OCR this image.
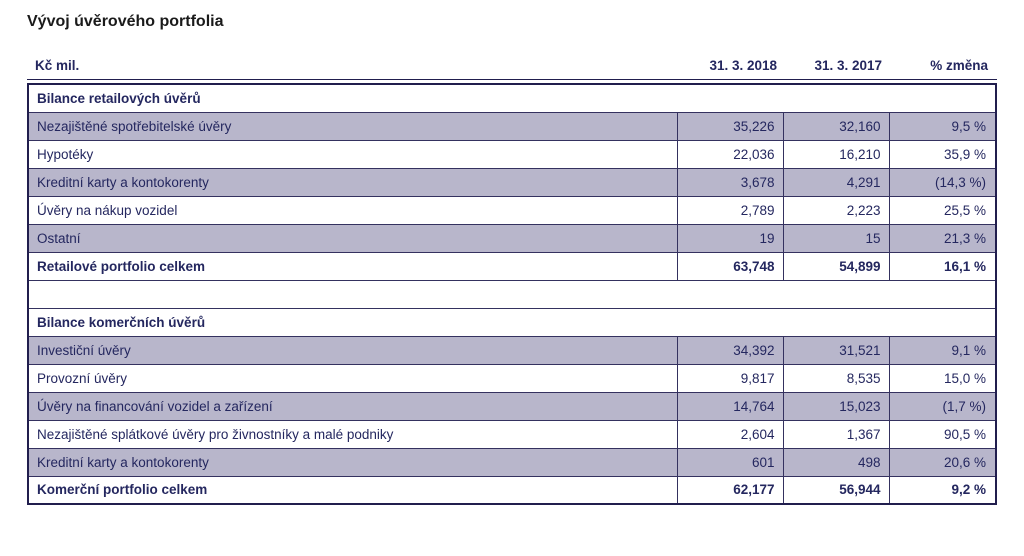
Vývoj úvěrového portfolia
Kč mil.	31. 3. 2018	31. 3. 2017	% změna
Bilance retailových úvěrů			
Nezajištěné spotřebitelské úvěry	35,226	32,160	9,5 %
Hypotéky	22,036	16,210	35,9 %
Kreditní karty a kontokorenty	3,678	4,291	(14,3 %)
Úvěry na nákup vozidel	2,789	2,223	25,5 %
Ostatní	19	15	21,3 %
Retailové portfolio celkem	63,748	54,899	16,1 %

Bilance komerčních úvěrů			
Investiční úvěry	34,392	31,521	9,1 %
Provozní úvěry	9,817	8,535	15,0 %
Úvěry na financování vozidel a zařízení	14,764	15,023	(1,7 %)
Nezajištěné splátkové úvěry pro živnostníky a malé podniky	2,604	1,367	90,5 %
Kreditní karty a kontokorenty	601	498	20,6 %
Komerční portfolio celkem	62,177	56,944	9,2 %
